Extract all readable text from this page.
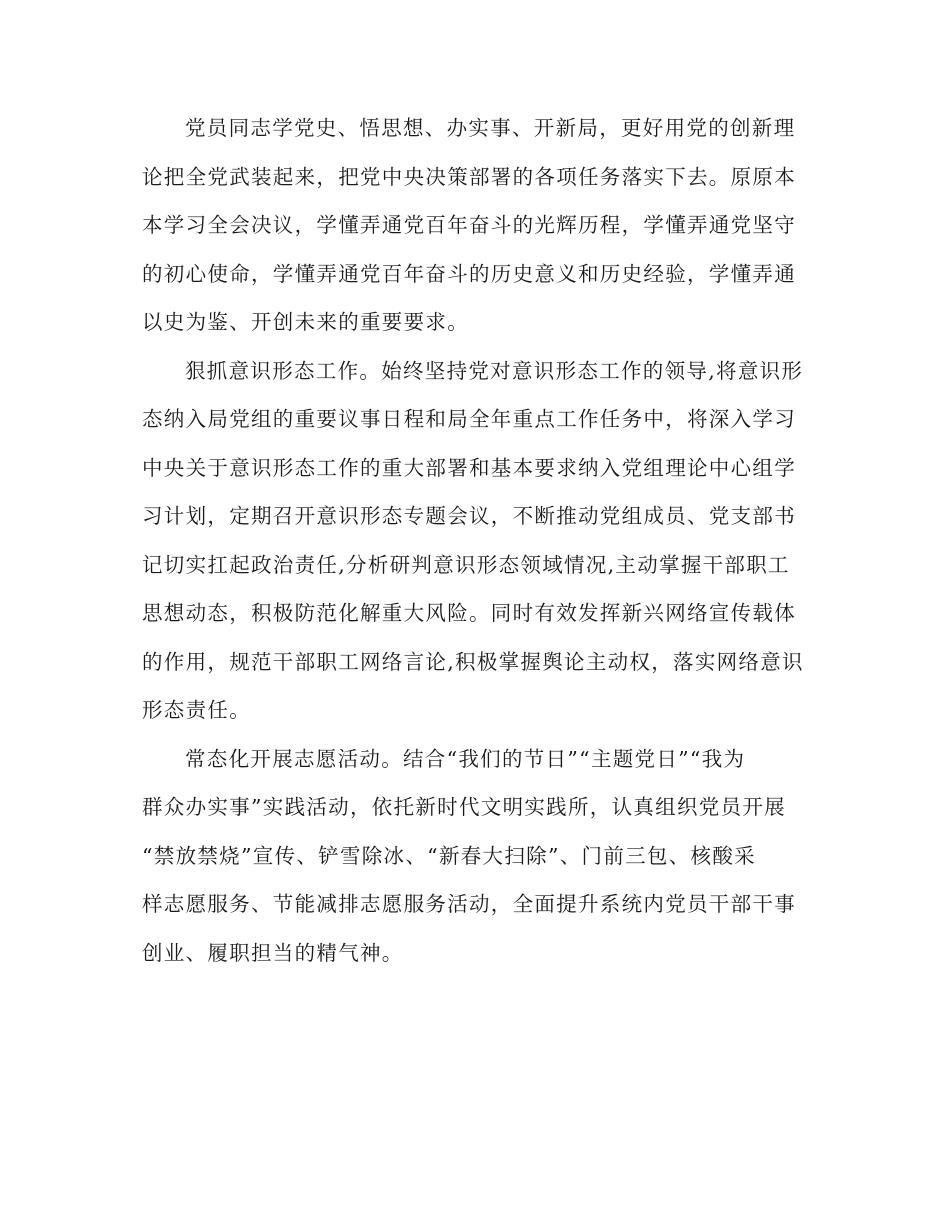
党员同志学党史、悟思想、办实事、开新局，更好用党的创新理
论把全党武装起来，把党中央决策部署的各项任务落实下去。原原本
本学习全会决议，学懂弄通党百年奋斗的光辉历程，学懂弄通党坚守
的初心使命，学懂弄通党百年奋斗的历史意义和历史经验，学懂弄通
以史为鉴、开创未来的重要要求。
狠抓意识形态工作。始终坚持党对意识形态工作的领导,将意识形
态纳入局党组的重要议事日程和局全年重点工作任务中，将深入学习
中央关于意识形态工作的重大部署和基本要求纳入党组理论中心组学
习计划，定期召开意识形态专题会议，不断推动党组成员、党支部书
记切实扛起政治责任,分析研判意识形态领域情况,主动掌握干部职工
思想动态，积极防范化解重大风险。同时有效发挥新兴网络宣传载体
的作用，规范干部职工网络言论,积极掌握舆论主动权，落实网络意识
形态责任。
常态化开展志愿活动。结合“我们的节日”“主题党日”“我为
群众办实事”实践活动，依托新时代文明实践所，认真组织党员开展
“禁放禁烧”宣传、铲雪除冰、“新春大扫除”、门前三包、核酸采
样志愿服务、节能减排志愿服务活动，全面提升系统内党员干部干事
创业、履职担当的精气神。
